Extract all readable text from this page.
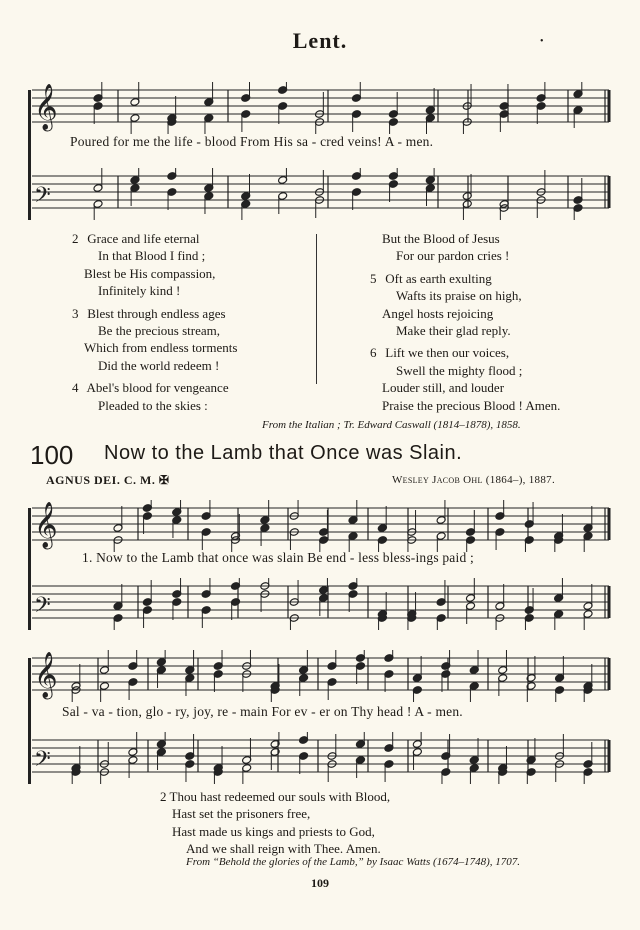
Lent.	•
𝄞
Poured for me the life - blood From His sa - cred veins! A - men.
𝄢
2 Grace and life eternal
In that Blood I find ;
Blest be His compassion,
Infinitely kind !
3 Blest through endless ages
Be the precious stream,
Which from endless torments
Did the world redeem !
4 Abel's blood for vengeance
Pleaded to the skies :
But the Blood of Jesus
For our pardon cries !
5 Oft as earth exulting
Wafts its praise on high,
Angel hosts rejoicing
Make their glad reply.
6 Lift we then our voices,
Swell the mighty flood ;
Louder still, and louder
Praise the precious Blood ! Amen.
From the Italian ; Tr. Edward Caswall (1814–1878), 1858.
100 Now to the Lamb that Once was Slain.
AGNUS DEI. C. M. ✠	Wesley Jacob Ohl (1864–), 1887.
𝄞
1. Now to the Lamb that once was slain Be end - less bless-ings paid ;
𝄢
𝄞
Sal - va - tion, glo - ry, joy, re - main For ev - er on Thy head ! A - men.
𝄢
2 Thou hast redeemed our souls with Blood,
Hast set the prisoners free,
Hast made us kings and priests to God,
And we shall reign with Thee. Amen.
From “Behold the glories of the Lamb,” by Isaac Watts (1674–1748), 1707.
109
